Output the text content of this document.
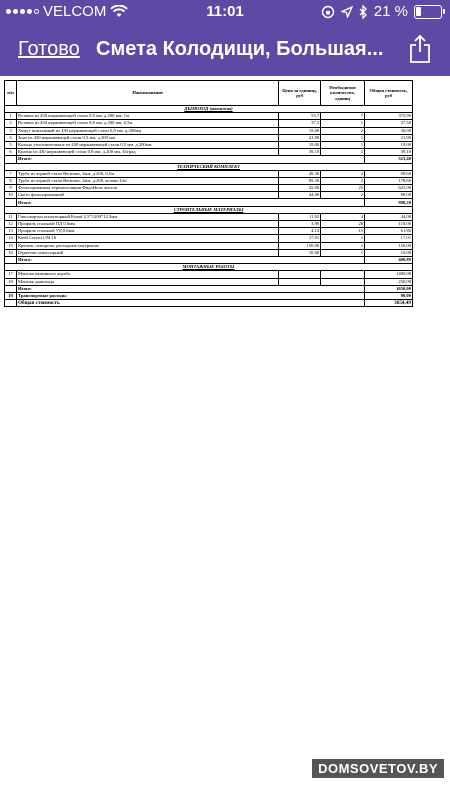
VELCOM	11:01	21 %
Готово Смета Колодищи, Большая...
п/п	Наименование	Цена за единицу, руб	Необходимое количество, единиц	Общая стоимость, руб
ДЫМОХОД (вытяжка)				
1	Вставка из 430 нержавеющей стали 0,8 мм, д.200 мм, 1м	53,7	7	375,90
2	Вставка из 430 нержавеющей стали 0,8 мм, д.200 мм, 0,5м	37,5	1	37,50
3	Хомут монтажный из 430 нержавеющей стали 0,8 мм, д.200мм	15,00	2	30,00
4	Зонт из 430 нержавеющей стали 0,5 мм, д.200 мм	21,90	1	21,90
5	Кольцо уплотнительное из 430 нержавеющей стали 0,5 мм, д.200мм	19,00	1	19,00
6	Колено из 430 нержавеющей стали 0,8 мм, д.200 мм, 45град.	39,10	1	39,10
	Итого:			523,40
ТЕХНИЧЕСКИЙ КОМПЛЕКТ				
7	Труба из черной стали Bertrams, 2мм, д.200, 0,5м	49,30	2	98,60
8	Труба из черной стали Bertrams, 2мм, д.200, колено Uni	89,30	2	178,60
9	Фольгированная термоизоляция ФидоНоль листов	25,00	25	625,00
10	Скотч фольгированный	44,00	2	88,00
	Итого:			990,20
СТРОИТЕЛЬНЫЕ МАТЕРИАЛЫ				
11	Гипсокартон огнеупорный Knauf 2,5*1200*12,5мм	11,02	4	44,08
12	Профиль стальной ПД 0,6мм	3,90	26	118,00
13	Профиль стальной УД 0,6мм	4,12	15	61,80
14	Клей Ceresit CM 16	17,01	1	17,01
15	Крепеж, саморезы, расходные материалы	150,00	1	150,00
16	Герметик огнеупорный	10,00	1	10,00
	Итого:			400,89
МОНТАЖНЫЕ РАБОТЫ				
17	Монтаж каминного короба			1400,00
18	Монтаж дымохода			250,00
	Итого:			1650,00
19	Транспортные расходы			90,00
	Общая стоимость			3654,49
DOMSOVETOV.BY
